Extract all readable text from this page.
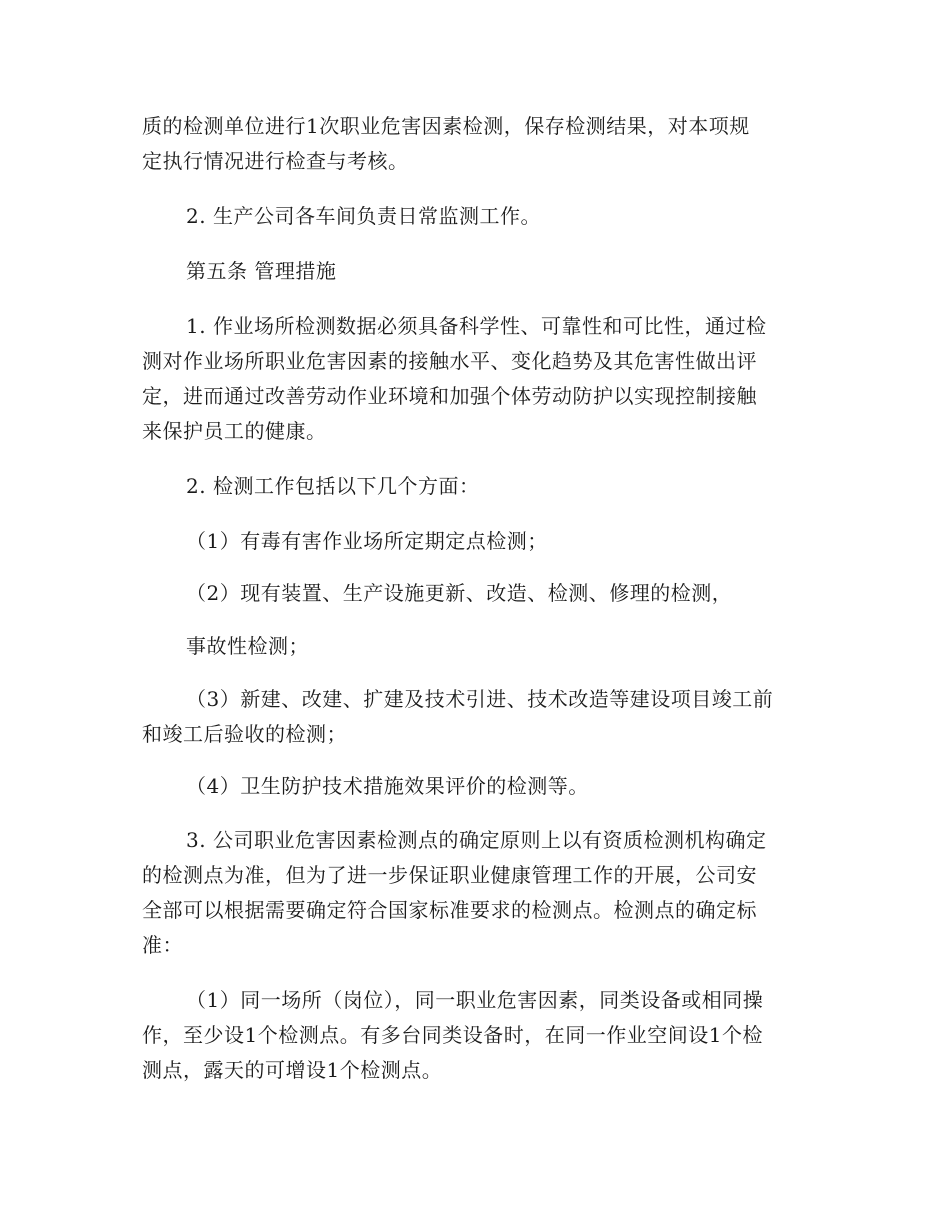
质的检测单位进行1次职业危害因素检测，保存检测结果，对本项规
定执行情况进行检查与考核。
2. 生产公司各车间负责日常监测工作。
第五条 管理措施
1. 作业场所检测数据必须具备科学性、可靠性和可比性，通过检
测对作业场所职业危害因素的接触水平、变化趋势及其危害性做出评
定，进而通过改善劳动作业环境和加强个体劳动防护以实现控制接触
来保护员工的健康。
2. 检测工作包括以下几个方面：
（1）有毒有害作业场所定期定点检测；
（2）现有装置、生产设施更新、改造、检测、修理的检测，
事故性检测；
（3）新建、改建、扩建及技术引进、技术改造等建设项目竣工前
和竣工后验收的检测；
（4）卫生防护技术措施效果评价的检测等。
3. 公司职业危害因素检测点的确定原则上以有资质检测机构确定
的检测点为准，但为了进一步保证职业健康管理工作的开展，公司安
全部可以根据需要确定符合国家标准要求的检测点。检测点的确定标
准：
（1）同一场所（岗位），同一职业危害因素，同类设备或相同操
作，至少设1个检测点。有多台同类设备时，在同一作业空间设1个检
测点，露天的可增设1个检测点。
